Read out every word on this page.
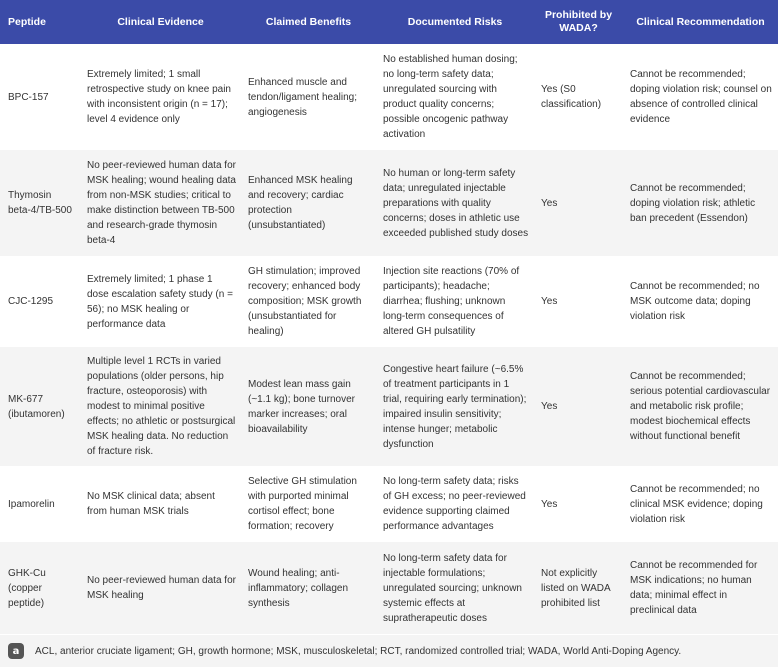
Peptide	Clinical Evidence	Claimed Benefits	Documented Risks	Prohibited by WADA?	Clinical Recommendation
BPC-157	Extremely limited; 1 small retrospective study on knee pain with inconsistent origin (n = 17); level 4 evidence only	Enhanced muscle and tendon/ligament healing; angiogenesis	No established human dosing; no long-term safety data; unregulated sourcing with product quality concerns; possible oncogenic pathway activation	Yes (S0 classification)	Cannot be recommended; doping violation risk; counsel on absence of controlled clinical evidence
Thymosin beta-4/TB-500	No peer-reviewed human data for MSK healing; wound healing data from non-MSK studies; critical to make distinction between TB-500 and research-grade thymosin beta-4	Enhanced MSK healing and recovery; cardiac protection (unsubstantiated)	No human or long-term safety data; unregulated injectable preparations with quality concerns; doses in athletic use exceeded published study doses	Yes	Cannot be recommended; doping violation risk; athletic ban precedent (Essendon)
CJC-1295	Extremely limited; 1 phase 1 dose escalation safety study (n = 56); no MSK healing or performance data	GH stimulation; improved recovery; enhanced body composition; MSK growth (unsubstantiated for healing)	Injection site reactions (70% of participants); headache; diarrhea; flushing; unknown long-term consequences of altered GH pulsatility	Yes	Cannot be recommended; no MSK outcome data; doping violation risk
MK-677 (ibutamoren)	Multiple level 1 RCTs in varied populations (older persons, hip fracture, osteoporosis) with modest to minimal positive effects; no athletic or postsurgical MSK healing data. No reduction of fracture risk.	Modest lean mass gain (~1.1 kg); bone turnover marker increases; oral bioavailability	Congestive heart failure (~6.5% of treatment participants in 1 trial, requiring early termination); impaired insulin sensitivity; intense hunger; metabolic dysfunction	Yes	Cannot be recommended; serious potential cardiovascular and metabolic risk profile; modest biochemical effects without functional benefit
Ipamorelin	No MSK clinical data; absent from human MSK trials	Selective GH stimulation with purported minimal cortisol effect; bone formation; recovery	No long-term safety data; risks of GH excess; no peer-reviewed evidence supporting claimed performance advantages	Yes	Cannot be recommended; no clinical MSK evidence; doping violation risk
GHK-Cu (copper peptide)	No peer-reviewed human data for MSK healing	Wound healing; anti-inflammatory; collagen synthesis	No long-term safety data for injectable formulations; unregulated sourcing; unknown systemic effects at supratherapeutic doses	Not explicitly listed on WADA prohibited list	Cannot be recommended for MSK indications; no human data; minimal effect in preclinical data
a	ACL, anterior cruciate ligament; GH, growth hormone; MSK, musculoskeletal; RCT, randomized controlled trial; WADA, World Anti-Doping Agency.
